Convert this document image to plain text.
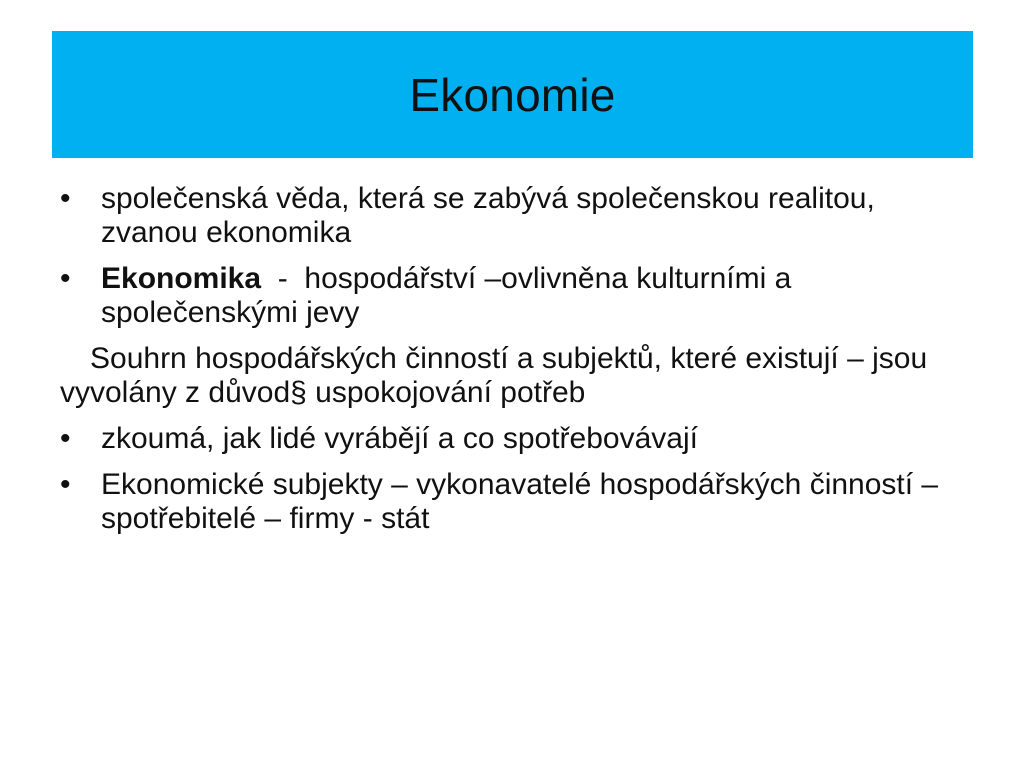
Ekonomie
•	společenská věda, která se zabývá společenskou realitou, zvanou ekonomika
•	Ekonomika  -  hospodářství –ovlivněna kulturními a společenskými jevy
Souhrn hospodářských činností a subjektů, které existují – jsou vyvolány z důvod§ uspokojování potřeb
•	zkoumá, jak lidé vyrábějí a co spotřebovávají
•	Ekonomické subjekty – vykonavatelé hospodářských činností –spotřebitelé – firmy - stát
